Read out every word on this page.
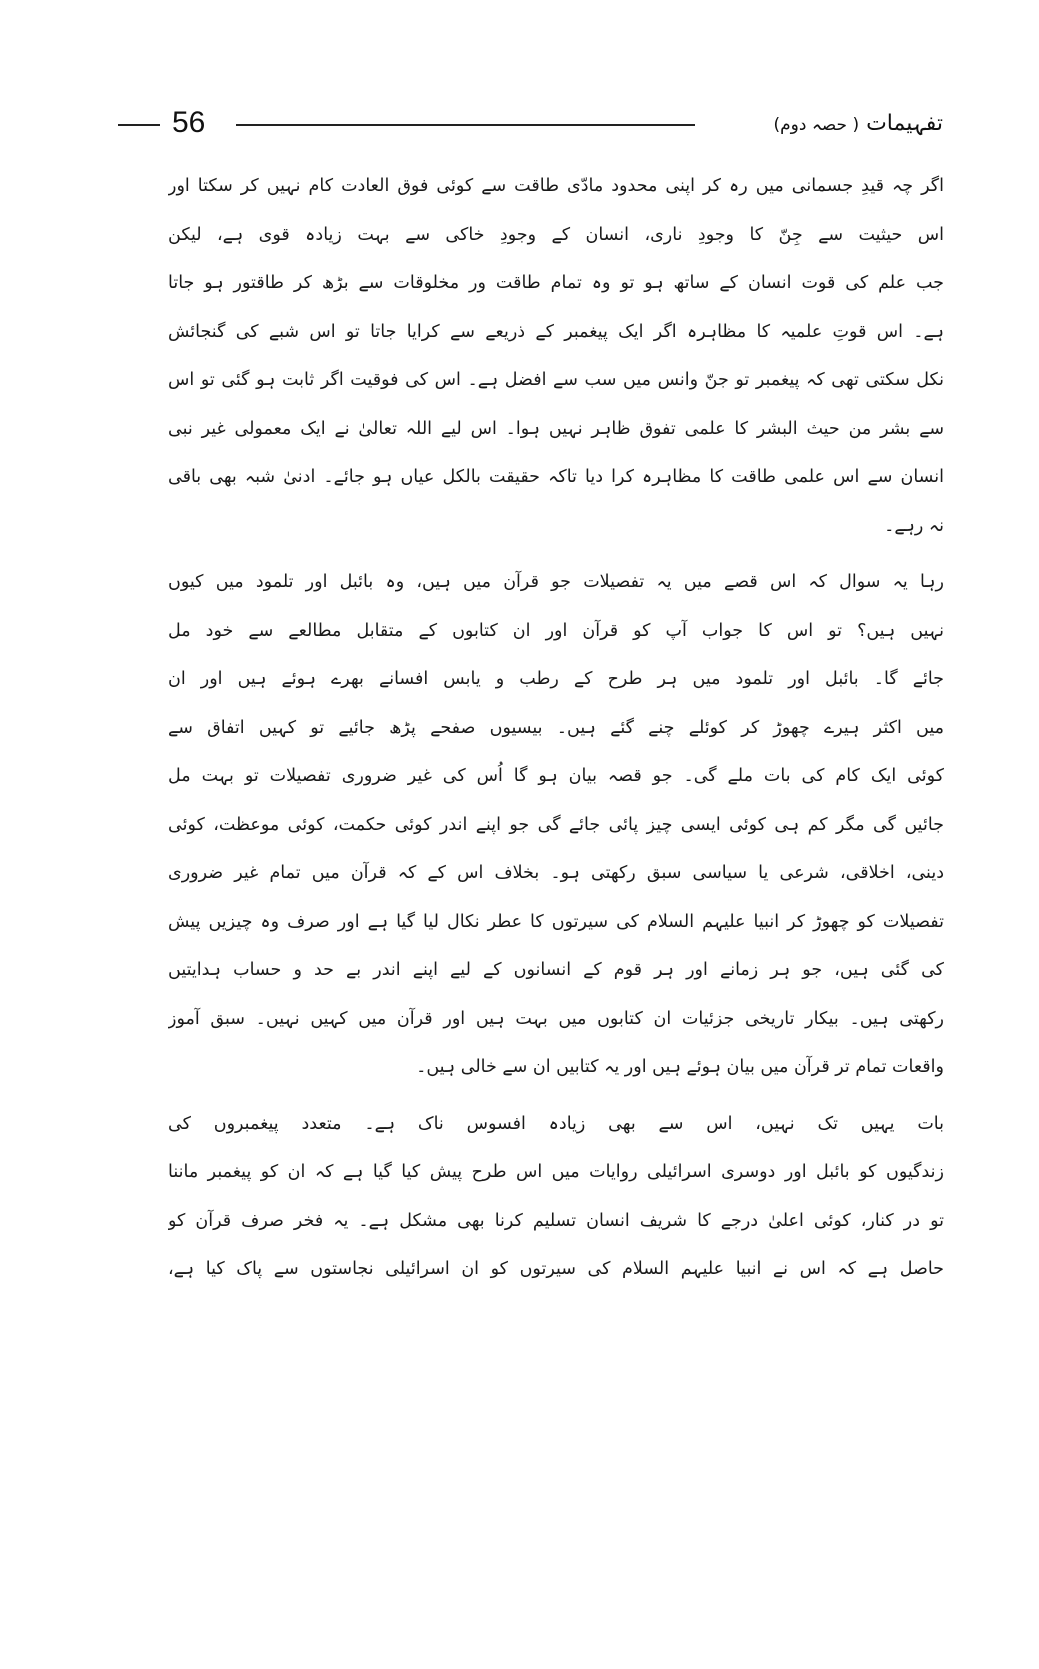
56	تفہیمات ( حصہ دوم)
اگر چہ قیدِ جسمانی میں رہ کر اپنی محدود مادّی طاقت سے کوئی فوق العادت کام نہیں کر سکتا اور
اس حیثیت سے جِنّ کا وجودِ ناری، انسان کے وجودِ خاکی سے بہت زیادہ قوی ہے، لیکن
جب علم کی قوت انسان کے ساتھ ہو تو وہ تمام طاقت ور مخلوقات سے بڑھ کر طاقتور ہو جاتا
ہے۔ اس قوتِ علمیہ کا مظاہرہ اگر ایک پیغمبر کے ذریعے سے کرایا جاتا تو اس شبے کی گنجائش
نکل سکتی تھی کہ پیغمبر تو جنّ وانس میں سب سے افضل ہے۔ اس کی فوقیت اگر ثابت ہو گئی تو اس
سے بشر من حیث البشر کا علمی تفوق ظاہر نہیں ہوا۔ اس لیے اللہ تعالیٰ نے ایک معمولی غیر نبی
انسان سے اس علمی طاقت کا مظاہرہ کرا دیا تاکہ حقیقت بالکل عیاں ہو جائے۔ ادنیٰ شبہ بھی باقی
نہ رہے۔
رہا یہ سوال کہ اس قصے میں یہ تفصیلات جو قرآن میں ہیں، وہ بائبل اور تلمود میں کیوں
نہیں ہیں؟ تو اس کا جواب آپ کو قرآن اور ان کتابوں کے متقابل مطالعے سے خود مل
جائے گا۔ بائبل اور تلمود میں ہر طرح کے رطب و یابس افسانے بھرے ہوئے ہیں اور ان
میں اکثر ہیرے چھوڑ کر کوئلے چنے گئے ہیں۔ بیسیوں صفحے پڑھ جائیے تو کہیں اتفاق سے
کوئی ایک کام کی بات ملے گی۔ جو قصہ بیان ہو گا اُس کی غیر ضروری تفصیلات تو بہت مل
جائیں گی مگر کم ہی کوئی ایسی چیز پائی جائے گی جو اپنے اندر کوئی حکمت، کوئی موعظت، کوئی
دینی، اخلاقی، شرعی یا سیاسی سبق رکھتی ہو۔ بخلاف اس کے کہ قرآن میں تمام غیر ضروری
تفصیلات کو چھوڑ کر انبیا علیہم السلام کی سیرتوں کا عطر نکال لیا گیا ہے اور صرف وہ چیزیں پیش
کی گئی ہیں، جو ہر زمانے اور ہر قوم کے انسانوں کے لیے اپنے اندر بے حد و حساب ہدایتیں
رکھتی ہیں۔ بیکار تاریخی جزئیات ان کتابوں میں بہت ہیں اور قرآن میں کہیں نہیں۔ سبق آموز
واقعات تمام تر قرآن میں بیان ہوئے ہیں اور یہ کتابیں ان سے خالی ہیں۔
بات یہیں تک نہیں، اس سے بھی زیادہ افسوس ناک ہے۔ متعدد پیغمبروں کی
زندگیوں کو بائبل اور دوسری اسرائیلی روایات میں اس طرح پیش کیا گیا ہے کہ ان کو پیغمبر ماننا
تو در کنار، کوئی اعلیٰ درجے کا شریف انسان تسلیم کرنا بھی مشکل ہے۔ یہ فخر صرف قرآن کو
حاصل ہے کہ اس نے انبیا علیہم السلام کی سیرتوں کو ان اسرائیلی نجاستوں سے پاک کیا ہے،
